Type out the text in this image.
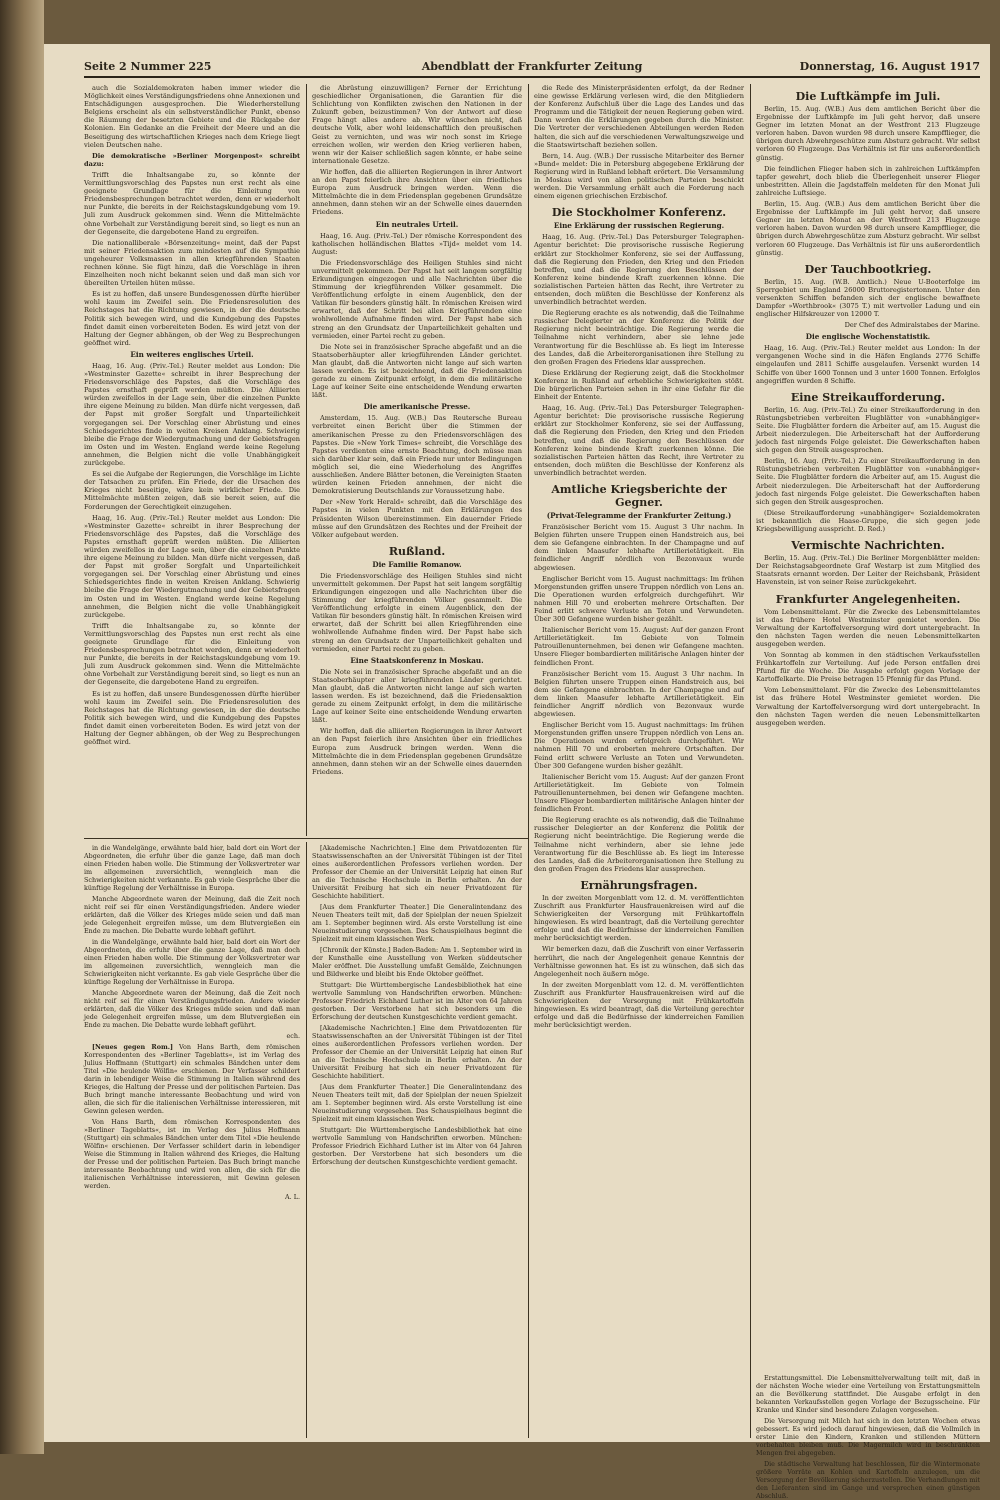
Seite 2 Nummer 225	Abendblatt der Frankfurter Zeitung	Donnerstag, 16. August 1917

auch die Sozialdemokraten haben immer wieder die Möglichkeit eines Verständigungsfriedens ohne Annexionen und Entschädigungen ausgesprochen. Die Wiederherstellung Belgiens erscheint als ein selbstverständlicher Punkt, ebenso die Räumung der besetzten Gebiete und die Rückgabe der Kolonien. Ein Gedanke an die Freiheit der Meere und an die Beseitigung des wirtschaftlichen Krieges nach dem Kriege liegt vielen Deutschen nahe.

Die demokratische »Berliner Morgenpost« schreibt dazu:

Trifft die Inhaltsangabe zu, so könnte der Vermittlungsvorschlag des Papstes nun erst recht als eine geeignete Grundlage für die Einleitung von Friedensbesprechungen betrachtet werden, denn er wiederholt nur Punkte, die bereits in der Reichstagskundgebung vom 19. Juli zum Ausdruck gekommen sind. Wenn die Mittelmächte ohne Vorbehalt zur Verständigung bereit sind, so liegt es nun an der Gegenseite, die dargebotene Hand zu ergreifen.

Die nationalliberale »Börsenzeitung« meint, daß der Papst mit seiner Friedensaktion zum mindesten auf die Sympathie ungeheurer Volksmassen in allen kriegführenden Staaten rechnen könne. Sie fügt hinzu, daß die Vorschläge in ihren Einzelheiten noch nicht bekannt seien und daß man sich vor übereilten Urteilen hüten müsse.

Es ist zu hoffen, daß unsere Bundesgenossen dürfte hierüber wohl kaum im Zweifel sein. Die Friedensresolution des Reichstages hat die Richtung gewiesen, in der die deutsche Politik sich bewegen wird, und die Kundgebung des Papstes findet damit einen vorbereiteten Boden. Es wird jetzt von der Haltung der Gegner abhängen, ob der Weg zu Besprechungen geöffnet wird.

Ein weiteres englisches Urteil.

Haag, 16. Aug. (Priv.-Tel.) Reuter meldet aus London: Die »Westminster Gazette« schreibt in ihrer Besprechung der Friedensvorschläge des Papstes, daß die Vorschläge des Papstes ernsthaft geprüft werden müßten. Die Alliierten würden zweifellos in der Lage sein, über die einzelnen Punkte ihre eigene Meinung zu bilden. Man dürfe nicht vergessen, daß der Papst mit großer Sorgfalt und Unparteilichkeit vorgegangen sei. Der Vorschlag einer Abrüstung und eines Schiedsgerichtes finde in weiten Kreisen Anklang. Schwierig bleibe die Frage der Wiedergutmachung und der Gebietsfragen im Osten und im Westen. England werde keine Regelung annehmen, die Belgien nicht die volle Unabhängigkeit zurückgebe.

Es sei die Aufgabe der Regierungen, die Vorschläge im Lichte der Tatsachen zu prüfen. Ein Friede, der die Ursachen des Krieges nicht beseitige, wäre kein wirklicher Friede. Die Mittelmächte müßten zeigen, daß sie bereit seien, auf die Forderungen der Gerechtigkeit einzugehen.

Haag, 16. Aug. (Priv.-Tel.) Reuter meldet aus London: Die »Westminster Gazette« schreibt in ihrer Besprechung der Friedensvorschläge des Papstes, daß die Vorschläge des Papstes ernsthaft geprüft werden müßten. Die Alliierten würden zweifellos in der Lage sein, über die einzelnen Punkte ihre eigene Meinung zu bilden. Man dürfe nicht vergessen, daß der Papst mit großer Sorgfalt und Unparteilichkeit vorgegangen sei. Der Vorschlag einer Abrüstung und eines Schiedsgerichtes finde in weiten Kreisen Anklang. Schwierig bleibe die Frage der Wiedergutmachung und der Gebietsfragen im Osten und im Westen. England werde keine Regelung annehmen, die Belgien nicht die volle Unabhängigkeit zurückgebe.

Trifft die Inhaltsangabe zu, so könnte der Vermittlungsvorschlag des Papstes nun erst recht als eine geeignete Grundlage für die Einleitung von Friedensbesprechungen betrachtet werden, denn er wiederholt nur Punkte, die bereits in der Reichstagskundgebung vom 19. Juli zum Ausdruck gekommen sind. Wenn die Mittelmächte ohne Vorbehalt zur Verständigung bereit sind, so liegt es nun an der Gegenseite, die dargebotene Hand zu ergreifen.

Es ist zu hoffen, daß unsere Bundesgenossen dürfte hierüber wohl kaum im Zweifel sein. Die Friedensresolution des Reichstages hat die Richtung gewiesen, in der die deutsche Politik sich bewegen wird, und die Kundgebung des Papstes findet damit einen vorbereiteten Boden. Es wird jetzt von der Haltung der Gegner abhängen, ob der Weg zu Besprechungen geöffnet wird.

die Abrüstung einzuwilligen? Ferner der Errichtung geschiedlicher Organisationen, die Garantien für die Schlichtung von Konflikten zwischen den Nationen in der Zukunft geben, beizustimmen? Von der Antwort auf diese Frage hängt alles andere ab. Wir wünschen nicht, daß deutsche Volk, aber wohl leidenschaftlich den preußischen Geist zu vernichten, und was wir noch sonst im Kriege erreichen wollen, wir werden den Krieg verlieren haben, wenn wir der Kaiser schließlich sagen könnte, er habe seine internationale Gesetze.

Wir hoffen, daß die alliierten Regierungen in ihrer Antwort an den Papst feierlich ihre Ansichten über ein friedliches Europa zum Ausdruck bringen werden. Wenn die Mittelmächte die in dem Friedensplan gegebenen Grundsätze annehmen, dann stehen wir an der Schwelle eines dauernden Friedens.

Ein neutrales Urteil.

Haag, 16. Aug. (Priv.-Tel.) Der römische Korrespondent des katholischen holländischen Blattes »Tijd« meldet vom 14. August:

Die Friedensvorschläge des Heiligen Stuhles sind nicht unvermittelt gekommen. Der Papst hat seit langem sorgfältig Erkundigungen eingezogen und alle Nachrichten über die Stimmung der kriegführenden Völker gesammelt. Die Veröffentlichung erfolgte in einem Augenblick, den der Vatikan für besonders günstig hält. In römischen Kreisen wird erwartet, daß der Schritt bei allen Kriegführenden eine wohlwollende Aufnahme finden wird. Der Papst habe sich streng an den Grundsatz der Unparteilichkeit gehalten und vermieden, einer Partei recht zu geben.

Die Note sei in französischer Sprache abgefaßt und an die Staatsoberhäupter aller kriegführenden Länder gerichtet. Man glaubt, daß die Antworten nicht lange auf sich warten lassen werden. Es ist bezeichnend, daß die Friedensaktion gerade zu einem Zeitpunkt erfolgt, in dem die militärische Lage auf keiner Seite eine entscheidende Wendung erwarten läßt.

Die amerikanische Presse.

Amsterdam, 15. Aug. (W.B.) Das Reutersche Bureau verbreitet einen Bericht über die Stimmen der amerikanischen Presse zu den Friedensvorschlägen des Papstes. Die »New York Times« schreibt, die Vorschläge des Papstes verdienten eine ernste Beachtung, doch müsse man sich darüber klar sein, daß ein Friede nur unter Bedingungen möglich sei, die eine Wiederholung des Angriffes ausschließen. Andere Blätter betonen, die Vereinigten Staaten würden keinen Frieden annehmen, der nicht die Demokratisierung Deutschlands zur Voraussetzung habe.

Der »New York Herald« schreibt, daß die Vorschläge des Papstes in vielen Punkten mit den Erklärungen des Präsidenten Wilson übereinstimmen. Ein dauernder Friede müsse auf den Grundsätzen des Rechtes und der Freiheit der Völker aufgebaut werden.

Rußland.
Die Familie Romanow.

Die Friedensvorschläge des Heiligen Stuhles sind nicht unvermittelt gekommen. Der Papst hat seit langem sorgfältig Erkundigungen eingezogen und alle Nachrichten über die Stimmung der kriegführenden Völker gesammelt. Die Veröffentlichung erfolgte in einem Augenblick, den der Vatikan für besonders günstig hält. In römischen Kreisen wird erwartet, daß der Schritt bei allen Kriegführenden eine wohlwollende Aufnahme finden wird. Der Papst habe sich streng an den Grundsatz der Unparteilichkeit gehalten und vermieden, einer Partei recht zu geben.

Eine Staatskonferenz in Moskau.

Die Note sei in französischer Sprache abgefaßt und an die Staatsoberhäupter aller kriegführenden Länder gerichtet. Man glaubt, daß die Antworten nicht lange auf sich warten lassen werden. Es ist bezeichnend, daß die Friedensaktion gerade zu einem Zeitpunkt erfolgt, in dem die militärische Lage auf keiner Seite eine entscheidende Wendung erwarten läßt.

Wir hoffen, daß die alliierten Regierungen in ihrer Antwort an den Papst feierlich ihre Ansichten über ein friedliches Europa zum Ausdruck bringen werden. Wenn die Mittelmächte die in dem Friedensplan gegebenen Grundsätze annehmen, dann stehen wir an der Schwelle eines dauernden Friedens.

die Rede des Ministerpräsidenten erfolgt, da der Redner eine gewisse Erklärung verlesen wird, die den Mitgliedern der Konferenz Aufschluß über die Lage des Landes und das Programm und die Tätigkeit der neuen Regierung geben wird. Dann werden die Erklärungen gegeben durch die Minister. Die Vertreter der verschiedenen Abteilungen werden Reden halten, die sich auf die verschiedenen Verwaltungszweige und die Staatswirtschaft beziehen sollen.

Bern, 14. Aug. (W.B.) Der russische Mitarbeiter des Berner »Bund« meldet: Die in Petersburg abgegebene Erklärung der Regierung wird in Rußland lebhaft erörtert. Die Versammlung in Moskau wird von allen politischen Parteien beschickt werden. Die Versammlung erhält auch die Forderung nach einem eigenen griechischen Erzbischof.

Die Stockholmer Konferenz.
Eine Erklärung der russischen Regierung.

Haag, 16. Aug. (Priv.-Tel.) Das Petersburger Telegraphen-Agentur berichtet: Die provisorische russische Regierung erklärt zur Stockholmer Konferenz, sie sei der Auffassung, daß die Regierung den Frieden, den Krieg und den Frieden betreffen, und daß die Regierung den Beschlüssen der Konferenz keine bindende Kraft zuerkennen könne. Die sozialistischen Parteien hätten das Recht, ihre Vertreter zu entsenden, doch müßten die Beschlüsse der Konferenz als unverbindlich betrachtet werden.

Die Regierung erachte es als notwendig, daß die Teilnahme russischer Delegierter an der Konferenz die Politik der Regierung nicht beeinträchtige. Die Regierung werde die Teilnahme nicht verhindern, aber sie lehne jede Verantwortung für die Beschlüsse ab. Es liegt im Interesse des Landes, daß die Arbeiterorganisationen ihre Stellung zu den großen Fragen des Friedens klar aussprechen.

Diese Erklärung der Regierung zeigt, daß die Stockholmer Konferenz in Rußland auf erhebliche Schwierigkeiten stößt. Die bürgerlichen Parteien sehen in ihr eine Gefahr für die Einheit der Entente.

Haag, 16. Aug. (Priv.-Tel.) Das Petersburger Telegraphen-Agentur berichtet: Die provisorische russische Regierung erklärt zur Stockholmer Konferenz, sie sei der Auffassung, daß die Regierung den Frieden, den Krieg und den Frieden betreffen, und daß die Regierung den Beschlüssen der Konferenz keine bindende Kraft zuerkennen könne. Die sozialistischen Parteien hätten das Recht, ihre Vertreter zu entsenden, doch müßten die Beschlüsse der Konferenz als unverbindlich betrachtet werden.

Amtliche Kriegsberichte der Gegner.
(Privat-Telegramme der Frankfurter Zeitung.)

Französischer Bericht vom 15. August 3 Uhr nachm. In Belgien führten unsere Truppen einen Handstreich aus, bei dem sie Gefangene einbrachten. In der Champagne und auf dem linken Maasufer lebhafte Artillerietätigkeit. Ein feindlicher Angriff nördlich von Bezonvaux wurde abgewiesen.

Englischer Bericht vom 15. August nachmittags: Im frühen Morgenstunden griffen unsere Truppen nördlich von Lens an. Die Operationen wurden erfolgreich durchgeführt. Wir nahmen Hill 70 und eroberten mehrere Ortschaften. Der Feind erlitt schwere Verluste an Toten und Verwundeten. Über 300 Gefangene wurden bisher gezählt.

Italienischer Bericht vom 15. August: Auf der ganzen Front Artillerietätigkeit. Im Gebiete von Tolmein Patrouillenunternehmen, bei denen wir Gefangene machten. Unsere Flieger bombardierten militärische Anlagen hinter der feindlichen Front.

Französischer Bericht vom 15. August 3 Uhr nachm. In Belgien führten unsere Truppen einen Handstreich aus, bei dem sie Gefangene einbrachten. In der Champagne und auf dem linken Maasufer lebhafte Artillerietätigkeit. Ein feindlicher Angriff nördlich von Bezonvaux wurde abgewiesen.

Englischer Bericht vom 15. August nachmittags: Im frühen Morgenstunden griffen unsere Truppen nördlich von Lens an. Die Operationen wurden erfolgreich durchgeführt. Wir nahmen Hill 70 und eroberten mehrere Ortschaften. Der Feind erlitt schwere Verluste an Toten und Verwundeten. Über 300 Gefangene wurden bisher gezählt.

Italienischer Bericht vom 15. August: Auf der ganzen Front Artillerietätigkeit. Im Gebiete von Tolmein Patrouillenunternehmen, bei denen wir Gefangene machten. Unsere Flieger bombardierten militärische Anlagen hinter der feindlichen Front.

Die Regierung erachte es als notwendig, daß die Teilnahme russischer Delegierter an der Konferenz die Politik der Regierung nicht beeinträchtige. Die Regierung werde die Teilnahme nicht verhindern, aber sie lehne jede Verantwortung für die Beschlüsse ab. Es liegt im Interesse des Landes, daß die Arbeiterorganisationen ihre Stellung zu den großen Fragen des Friedens klar aussprechen.

Ernährungsfragen.

In der zweiten Morgenblatt vom 12. d. M. veröffentlichten Zuschrift aus Frankfurter Hausfrauenkreisen wird auf die Schwierigkeiten der Versorgung mit Frühkartoffeln hingewiesen. Es wird beantragt, daß die Verteilung gerechter erfolge und daß die Bedürfnisse der kinderreichen Familien mehr berücksichtigt werden.

Wir bemerken dazu, daß die Zuschrift von einer Verfasserin herrührt, die nach der Angelegenheit genaue Kenntnis der Verhältnisse gewonnen hat. Es ist zu wünschen, daß sich das Angelegenheit noch äußern möge.

In der zweiten Morgenblatt vom 12. d. M. veröffentlichten Zuschrift aus Frankfurter Hausfrauenkreisen wird auf die Schwierigkeiten der Versorgung mit Frühkartoffeln hingewiesen. Es wird beantragt, daß die Verteilung gerechter erfolge und daß die Bedürfnisse der kinderreichen Familien mehr berücksichtigt werden.

Die Luftkämpfe im Juli.

Berlin, 15. Aug. (W.B.) Aus dem amtlichen Bericht über die Ergebnisse der Luftkämpfe im Juli geht hervor, daß unsere Gegner im letzten Monat an der Westfront 213 Flugzeuge verloren haben. Davon wurden 98 durch unsere Kampfflieger, die übrigen durch Abwehrgeschütze zum Absturz gebracht. Wir selbst verloren 60 Flugzeuge. Das Verhältnis ist für uns außerordentlich günstig.

Die feindlichen Flieger haben sich in zahlreichen Luftkämpfen tapfer gewehrt, doch blieb die Überlegenheit unserer Flieger unbestritten. Allein die Jagdstaffeln meldeten für den Monat Juli zahlreiche Luftsiege.

Berlin, 15. Aug. (W.B.) Aus dem amtlichen Bericht über die Ergebnisse der Luftkämpfe im Juli geht hervor, daß unsere Gegner im letzten Monat an der Westfront 213 Flugzeuge verloren haben. Davon wurden 98 durch unsere Kampfflieger, die übrigen durch Abwehrgeschütze zum Absturz gebracht. Wir selbst verloren 60 Flugzeuge. Das Verhältnis ist für uns außerordentlich günstig.

Der Tauchbootkrieg.

Berlin, 15. Aug. (W.B. Amtlich.) Neue U-Booterfolge im Sperrgebiet um England 26000 Bruttoregistertonnen. Unter den versenkten Schiffen befanden sich der englische bewaffnete Dampfer »Worthbrook« (3075 T.) mit wertvoller Ladung und ein englischer Hilfskreuzer von 12000 T.

Der Chef des Admiralstabes der Marine.

Die englische Wochenstatistik.

Haag, 16. Aug. (Priv.-Tel.) Reuter meldet aus London: In der vergangenen Woche sind in die Häfen Englands 2776 Schiffe eingelaufen und 2811 Schiffe ausgelaufen. Versenkt wurden 14 Schiffe von über 1600 Tonnen und 3 unter 1600 Tonnen. Erfolglos angegriffen wurden 8 Schiffe.

Eine Streikaufforderung.

Berlin, 16. Aug. (Priv.-Tel.) Zu einer Streikaufforderung in den Rüstungsbetrieben verbreiten Flugblätter von »unabhängiger« Seite. Die Flugblätter fordern die Arbeiter auf, am 15. August die Arbeit niederzulegen. Die Arbeiterschaft hat der Aufforderung jedoch fast nirgends Folge geleistet. Die Gewerkschaften haben sich gegen den Streik ausgesprochen.

Berlin, 16. Aug. (Priv.-Tel.) Zu einer Streikaufforderung in den Rüstungsbetrieben verbreiten Flugblätter von »unabhängiger« Seite. Die Flugblätter fordern die Arbeiter auf, am 15. August die Arbeit niederzulegen. Die Arbeiterschaft hat der Aufforderung jedoch fast nirgends Folge geleistet. Die Gewerkschaften haben sich gegen den Streik ausgesprochen.

(Diese Streikaufforderung »unabhängiger« Sozialdemokraten ist bekanntlich die Haase-Gruppe, die sich gegen jede Kriegsbewilligung ausspricht. D. Red.)

Vermischte Nachrichten.

Berlin, 15. Aug. (Priv.-Tel.) Die Berliner Morgenblätter melden: Der Reichstagsabgeordnete Graf Westarp ist zum Mitglied des Staatsrats ernannt worden. Der Leiter der Reichsbank, Präsident Havenstein, ist von seiner Reise zurückgekehrt.

Frankfurter Angelegenheiten.

Vom Lebensmittelamt. Für die Zwecke des Lebensmittelamtes ist das frühere Hotel Westminster gemietet worden. Die Verwaltung der Kartoffelversorgung wird dort untergebracht. In den nächsten Tagen werden die neuen Lebensmittelkarten ausgegeben werden.

Von Sonntag ab kommen in den städtischen Verkaufsstellen Frühkartoffeln zur Verteilung. Auf jede Person entfallen drei Pfund für die Woche. Die Ausgabe erfolgt gegen Vorlage der Kartoffelkarte. Die Preise betragen 15 Pfennig für das Pfund.

Vom Lebensmittelamt. Für die Zwecke des Lebensmittelamtes ist das frühere Hotel Westminster gemietet worden. Die Verwaltung der Kartoffelversorgung wird dort untergebracht. In den nächsten Tagen werden die neuen Lebensmittelkarten ausgegeben werden.

in die Wandelgänge, erwähnte bald hier, bald dort ein Wort der Abgeordneten, die erfuhr über die ganze Lage, daß man doch einen Frieden haben wolle. Die Stimmung der Volksvertreter war im allgemeinen zuversichtlich, wenngleich man die Schwierigkeiten nicht verkannte. Es gab viele Gespräche über die künftige Regelung der Verhältnisse in Europa.

Manche Abgeordnete waren der Meinung, daß die Zeit noch nicht reif sei für einen Verständigungsfrieden. Andere wieder erklärten, daß die Völker des Krieges müde seien und daß man jede Gelegenheit ergreifen müsse, um dem Blutvergießen ein Ende zu machen. Die Debatte wurde lebhaft geführt.

in die Wandelgänge, erwähnte bald hier, bald dort ein Wort der Abgeordneten, die erfuhr über die ganze Lage, daß man doch einen Frieden haben wolle. Die Stimmung der Volksvertreter war im allgemeinen zuversichtlich, wenngleich man die Schwierigkeiten nicht verkannte. Es gab viele Gespräche über die künftige Regelung der Verhältnisse in Europa.

Manche Abgeordnete waren der Meinung, daß die Zeit noch nicht reif sei für einen Verständigungsfrieden. Andere wieder erklärten, daß die Völker des Krieges müde seien und daß man jede Gelegenheit ergreifen müsse, um dem Blutvergießen ein Ende zu machen. Die Debatte wurde lebhaft geführt.

ech.

[Neues gegen Rom.] Von Hans Barth, dem römischen Korrespondenten des »Berliner Tageblatts«, ist im Verlag des Julius Hoffmann (Stuttgart) ein schmales Bändchen unter dem Titel »Die heulende Wölfin« erschienen. Der Verfasser schildert darin in lebendiger Weise die Stimmung in Italien während des Krieges, die Haltung der Presse und der politischen Parteien. Das Buch bringt manche interessante Beobachtung und wird von allen, die sich für die italienischen Verhältnisse interessieren, mit Gewinn gelesen werden.

Von Hans Barth, dem römischen Korrespondenten des »Berliner Tageblatts«, ist im Verlag des Julius Hoffmann (Stuttgart) ein schmales Bändchen unter dem Titel »Die heulende Wölfin« erschienen. Der Verfasser schildert darin in lebendiger Weise die Stimmung in Italien während des Krieges, die Haltung der Presse und der politischen Parteien. Das Buch bringt manche interessante Beobachtung und wird von allen, die sich für die italienischen Verhältnisse interessieren, mit Gewinn gelesen werden.

A. L.

[Akademische Nachrichten.] Eine dem Privatdozenten für Staatswissenschaften an der Universität Tübingen ist der Titel eines außerordentlichen Professors verliehen worden. Der Professor der Chemie an der Universität Leipzig hat einen Ruf an die Technische Hochschule in Berlin erhalten. An der Universität Freiburg hat sich ein neuer Privatdozent für Geschichte habilitiert.

[Aus dem Frankfurter Theater.] Die Generalintendanz des Neuen Theaters teilt mit, daß der Spielplan der neuen Spielzeit am 1. September beginnen wird. Als erste Vorstellung ist eine Neueinstudierung vorgesehen. Das Schauspielhaus beginnt die Spielzeit mit einem klassischen Werk.

[Chronik der Künste.] Baden-Baden: Am 1. September wird in der Kunsthalle eine Ausstellung von Werken süddeutscher Maler eröffnet. Die Ausstellung umfaßt Gemälde, Zeichnungen und Bildwerke und bleibt bis Ende Oktober geöffnet.

Stuttgart: Die Württembergische Landesbibliothek hat eine wertvolle Sammlung von Handschriften erworben. München: Professor Friedrich Eichhard Luther ist im Alter von 64 Jahren gestorben. Der Verstorbene hat sich besonders um die Erforschung der deutschen Kunstgeschichte verdient gemacht.

[Akademische Nachrichten.] Eine dem Privatdozenten für Staatswissenschaften an der Universität Tübingen ist der Titel eines außerordentlichen Professors verliehen worden. Der Professor der Chemie an der Universität Leipzig hat einen Ruf an die Technische Hochschule in Berlin erhalten. An der Universität Freiburg hat sich ein neuer Privatdozent für Geschichte habilitiert.

[Aus dem Frankfurter Theater.] Die Generalintendanz des Neuen Theaters teilt mit, daß der Spielplan der neuen Spielzeit am 1. September beginnen wird. Als erste Vorstellung ist eine Neueinstudierung vorgesehen. Das Schauspielhaus beginnt die Spielzeit mit einem klassischen Werk.

Stuttgart: Die Württembergische Landesbibliothek hat eine wertvolle Sammlung von Handschriften erworben. München: Professor Friedrich Eichhard Luther ist im Alter von 64 Jahren gestorben. Der Verstorbene hat sich besonders um die Erforschung der deutschen Kunstgeschichte verdient gemacht.

Erstattungsmittel. Die Lebensmittelverwaltung teilt mit, daß in der nächsten Woche wieder eine Verteilung von Erstattungsmitteln an die Bevölkerung stattfindet. Die Ausgabe erfolgt in den bekannten Verkaufsstellen gegen Vorlage der Bezugsscheine. Für Kranke und Kinder sind besondere Zulagen vorgesehen.

Die Versorgung mit Milch hat sich in den letzten Wochen etwas gebessert. Es wird jedoch darauf hingewiesen, daß die Vollmilch in erster Linie den Kindern, Kranken und stillenden Müttern vorbehalten bleiben muß. Die Magermilch wird in beschränkten Mengen frei abgegeben.

Die städtische Verwaltung hat beschlossen, für die Wintermonate größere Vorräte an Kohlen und Kartoffeln anzulegen, um die Versorgung der Bevölkerung sicherzustellen. Die Verhandlungen mit den Lieferanten sind im Gange und versprechen einen günstigen Abschluß.
